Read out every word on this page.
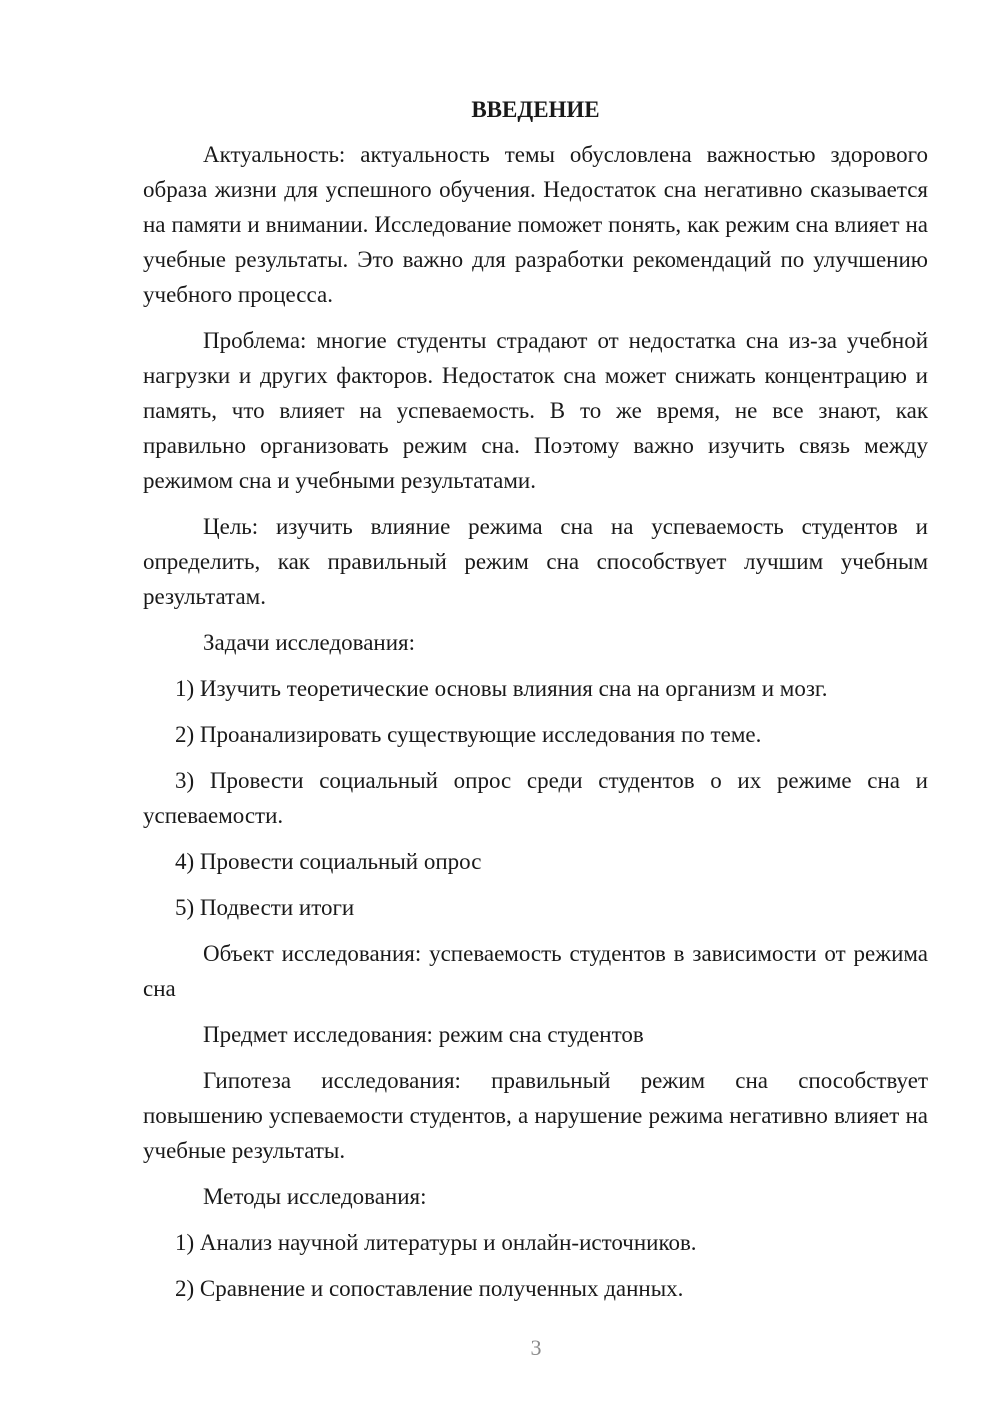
ВВЕДЕНИЕ

Актуальность: актуальность темы обусловлена важностью здорового образа жизни для успешного обучения. Недостаток сна негативно сказывается на памяти и внимании. Исследование поможет понять, как режим сна влияет на учебные результаты. Это важно для разработки рекомендаций по улучшению учебного процесса.

Проблема: многие студенты страдают от недостатка сна из-за учебной нагрузки и других факторов. Недостаток сна может снижать концентрацию и память, что влияет на успеваемость. В то же время, не все знают, как правильно организовать режим сна. Поэтому важно изучить связь между режимом сна и учебными результатами.

Цель: изучить влияние режима сна на успеваемость студентов и определить, как правильный режим сна способствует лучшим учебным результатам.

Задачи исследования:

1) Изучить теоретические основы влияния сна на организм и мозг.

2) Проанализировать существующие исследования по теме.

3) Провести социальный опрос среди студентов о их режиме сна и успеваемости.

4) Провести социальный опрос

5) Подвести итоги

Объект исследования: успеваемость студентов в зависимости от режима сна

Предмет исследования: режим сна студентов

Гипотеза исследования: правильный режим сна способствует повышению успеваемости студентов, а нарушение режима негативно влияет на учебные результаты.

Методы исследования:

1) Анализ научной литературы и онлайн-источников.

2) Сравнение и сопоставление полученных данных.

3
